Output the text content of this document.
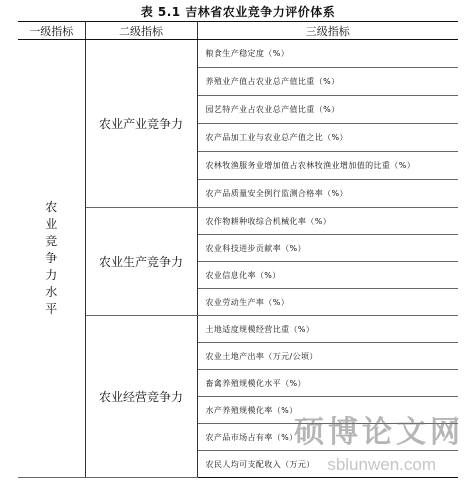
表 5.1 吉林省农业竞争力评价体系
一级指标	二级指标	三级指标
农业竞争力水平	农业产业竞争力	粮食生产稳定度（%）
		养殖业产值占农业总产值比重（%）
		园艺特产业占农业总产值比重（%）
		农产品加工业与农业总产值之比（%）
		农林牧渔服务业增加值占农林牧渔业增加值的比重（%）
		农产品质量安全例行监测合格率（%）
	农业生产竞争力	农作物耕种收综合机械化率（%）
		农业科技进步贡献率（%）
		农业信息化率（%）
		农业劳动生产率（%）
	农业经营竞争力	土地适度规模经营比重（%）
		农业土地产出率（万元/公顷）
		畜禽养殖规模化水平（%）
		水产养殖规模化率（%）
		农产品市场占有率（%）
		农民人均可支配收入（万元）
硕博论文网
sblunwen.com
